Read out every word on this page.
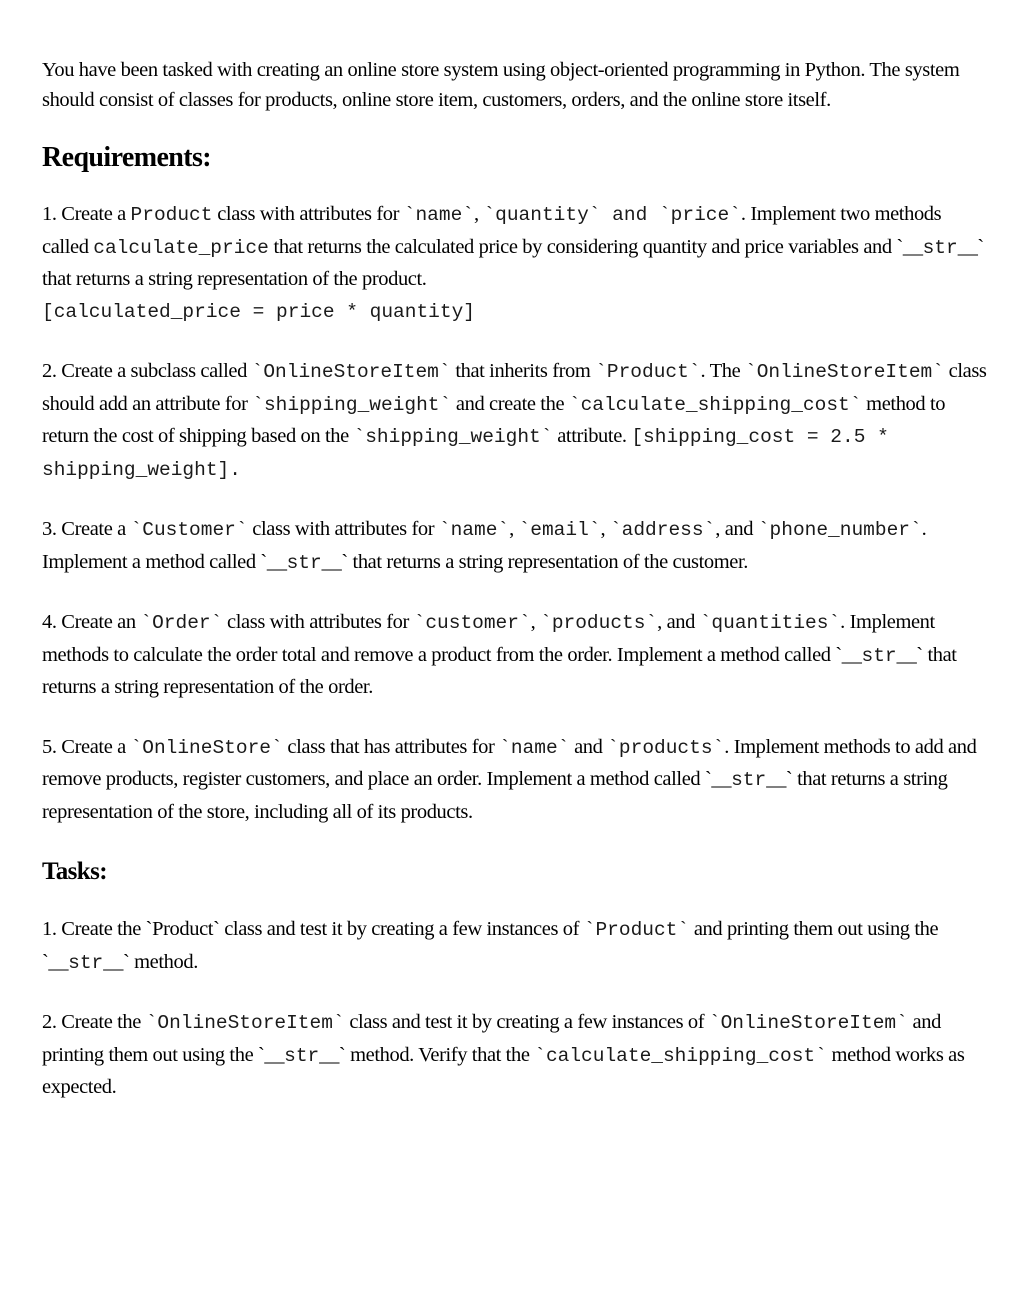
You have been tasked with creating an online store system using object-oriented programming in Python. The system should consist of classes for products, online store item, customers, orders, and the online store itself.

Requirements:

1. Create a Product class with attributes for `name`, `quantity` and `price`. Implement two methods called calculate_price that returns the calculated price by considering quantity and price variables and `__str__` that returns a string representation of the product.
[calculated_price = price * quantity]

2. Create a subclass called `OnlineStoreItem` that inherits from `Product`. The `OnlineStoreItem` class should add an attribute for `shipping_weight` and create the `calculate_shipping_cost` method to return the cost of shipping based on the `shipping_weight` attribute. [shipping_cost = 2.5 * shipping_weight].

3. Create a `Customer` class with attributes for `name`, `email`, `address`, and `phone_number`. Implement a method called `__str__` that returns a string representation of the customer.

4. Create an `Order` class with attributes for `customer`, `products`, and `quantities`. Implement methods to calculate the order total and remove a product from the order. Implement a method called `__str__` that returns a string representation of the order.

5. Create a `OnlineStore` class that has attributes for `name` and `products`. Implement methods to add and remove products, register customers, and place an order. Implement a method called `__str__` that returns a string representation of the store, including all of its products.

Tasks:

1. Create the `Product` class and test it by creating a few instances of `Product` and printing them out using the `__str__` method.

2. Create the `OnlineStoreItem` class and test it by creating a few instances of `OnlineStoreItem` and printing them out using the `__str__` method. Verify that the `calculate_shipping_cost` method works as expected.
